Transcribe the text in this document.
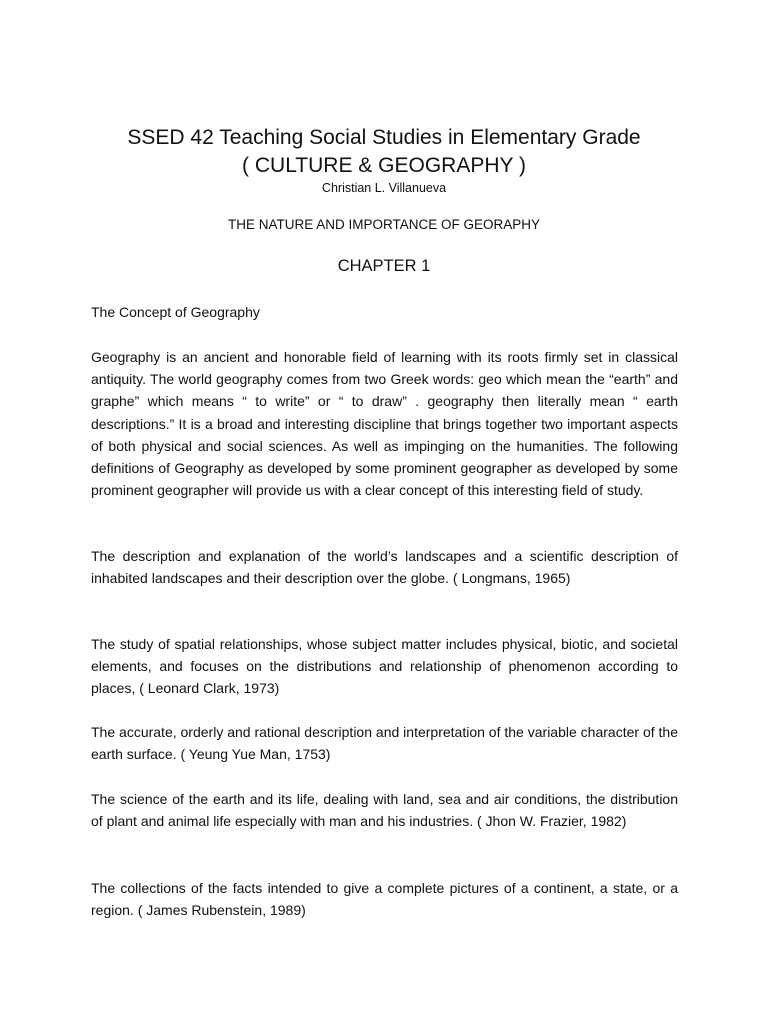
SSED 42 Teaching Social Studies in Elementary Grade
( CULTURE & GEOGRAPHY )
Christian L. Villanueva
THE NATURE AND IMPORTANCE OF GEORAPHY
CHAPTER 1
The Concept of Geography

Geography is an ancient and honorable field of learning with its roots firmly set in classical antiquity. The world geography comes from two Greek words: geo which mean the “earth” and graphe” which means “ to write” or “ to draw” . geography then literally mean “ earth descriptions.” It is a broad and interesting discipline that brings together two important aspects of both physical and social sciences. As well as impinging on the humanities. The following definitions of Geography as developed by some prominent geographer as developed by some prominent geographer will provide us with a clear concept of this interesting field of study.

The description and explanation of the world’s landscapes and a scientific description of inhabited landscapes and their description over the globe. ( Longmans, 1965)

The study of spatial relationships, whose subject matter includes physical, biotic, and societal elements, and focuses on the distributions and relationship of phenomenon according to places, ( Leonard Clark, 1973)

The accurate, orderly and rational description and interpretation of the variable character of the earth surface. ( Yeung Yue Man, 1753)

The science of the earth and its life, dealing with land, sea and air conditions, the distribution of plant and animal life especially with man and his industries. ( Jhon W. Frazier, 1982)

The collections of the facts intended to give a complete pictures of a continent, a state, or a region. ( James Rubenstein, 1989)
